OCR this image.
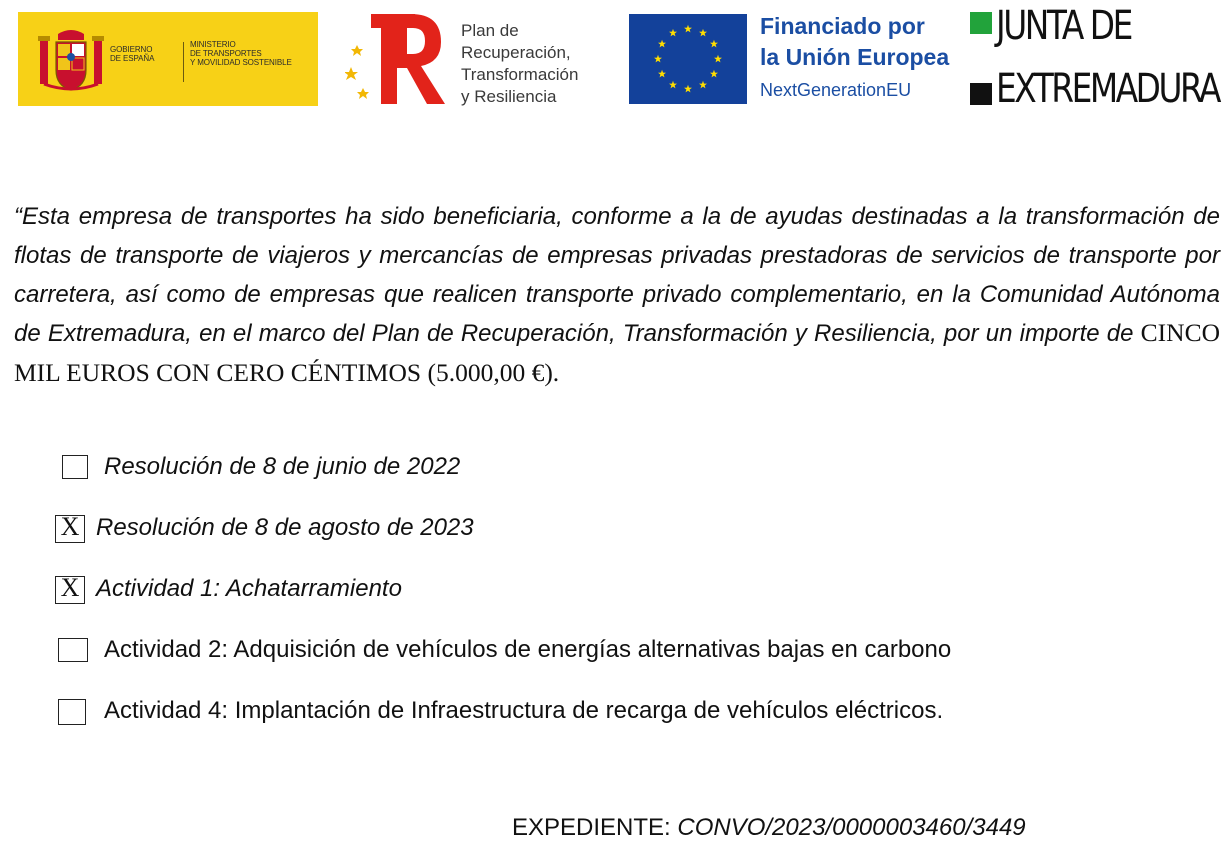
GOBIERNO
DE ESPAÑA
MINISTERIO
DE TRANSPORTES
Y MOVILIDAD SOSTENIBLE
Plan de
Recuperación,
Transformación
y Resiliencia
Financiado por
la Unión Europea
NextGenerationEU
JUNTA DE
EXTREMADURA

“Esta empresa de transportes ha sido beneficiaria, conforme a la de ayudas destinadas a la transformación de flotas de transporte de viajeros y mercancías de empresas privadas prestadoras de servicios de transporte por carretera, así como de empresas que realicen transporte privado complementario, en la Comunidad Autónoma de Extremadura, en el marco del Plan de Recuperación, Transformación y Resiliencia, por un importe de CINCO MIL EUROS CON CERO CÉNTIMOS (5.000,00 €).

Resolución de 8 de junio de 2022
X Resolución de 8 de agosto de 2023
X Actividad 1: Achatarramiento
Actividad 2: Adquisición de vehículos de energías alternativas bajas en carbono
Actividad 4: Implantación de Infraestructura de recarga de vehículos eléctricos.
EXPEDIENTE: CONVO/2023/0000003460/3449
